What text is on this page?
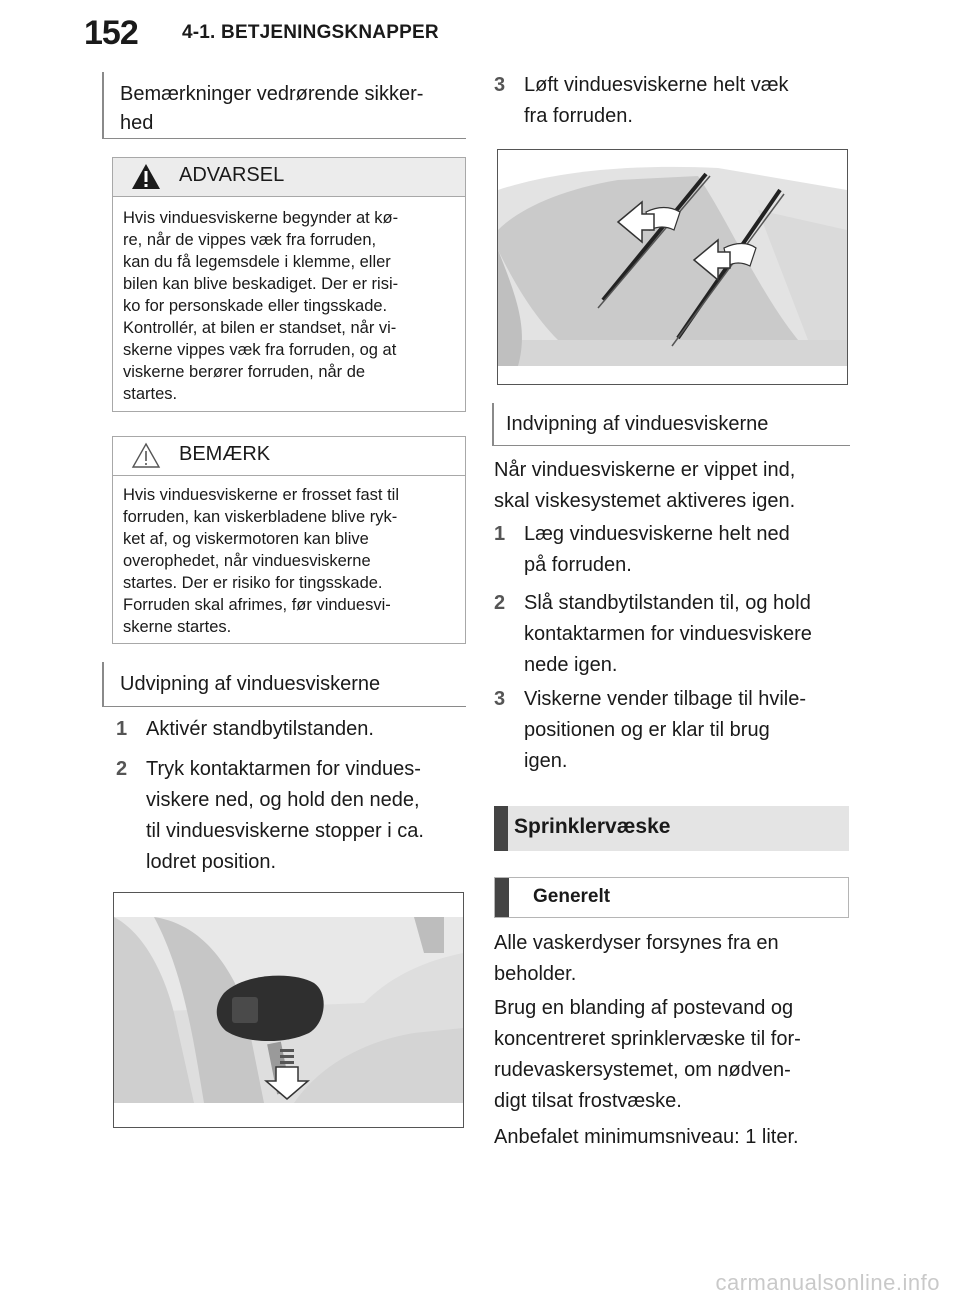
152 4-1. BETJENINGSKNAPPER
Bemærkninger vedrørende sikker-
hed
ADVARSEL
Hvis vinduesviskerne begynder at kø-
re, når de vippes væk fra forruden,
kan du få legemsdele i klemme, eller
bilen kan blive beskadiget. Der er risi-
ko for personskade eller tingsskade.
Kontrollér, at bilen er standset, når vi-
skerne vippes væk fra forruden, og at
viskerne berører forruden, når de
startes.
BEMÆRK
Hvis vinduesviskerne er frosset fast til
forruden, kan viskerbladene blive ryk-
ket af, og viskermotoren kan blive
overophedet, når vinduesviskerne
startes. Der er risiko for tingsskade.
Forruden skal afrimes, før vinduesvi-
skerne startes.
Udvipning af vinduesviskerne
1 Aktivér standbytilstanden.
2 Tryk kontaktarmen for vindues-
viskere ned, og hold den nede,
til vinduesviskerne stopper i ca.
lodret position.
3 Løft vinduesviskerne helt væk
fra forruden.
Indvipning af vinduesviskerne
Når vinduesviskerne er vippet ind,
skal viskesystemet aktiveres igen.
1 Læg vinduesviskerne helt ned
på forruden.
2 Slå standbytilstanden til, og hold
kontaktarmen for vinduesviskere
nede igen.
3 Viskerne vender tilbage til hvile-
positionen og er klar til brug
igen.
Sprinklervæske
Generelt
Alle vaskerdyser forsynes fra en
beholder.
Brug en blanding af postevand og
koncentreret sprinklervæske til for-
rudevaskersystemet, om nødven-
digt tilsat frostvæske.
Anbefalet minimumsniveau: 1 liter.
carmanualsonline.info
